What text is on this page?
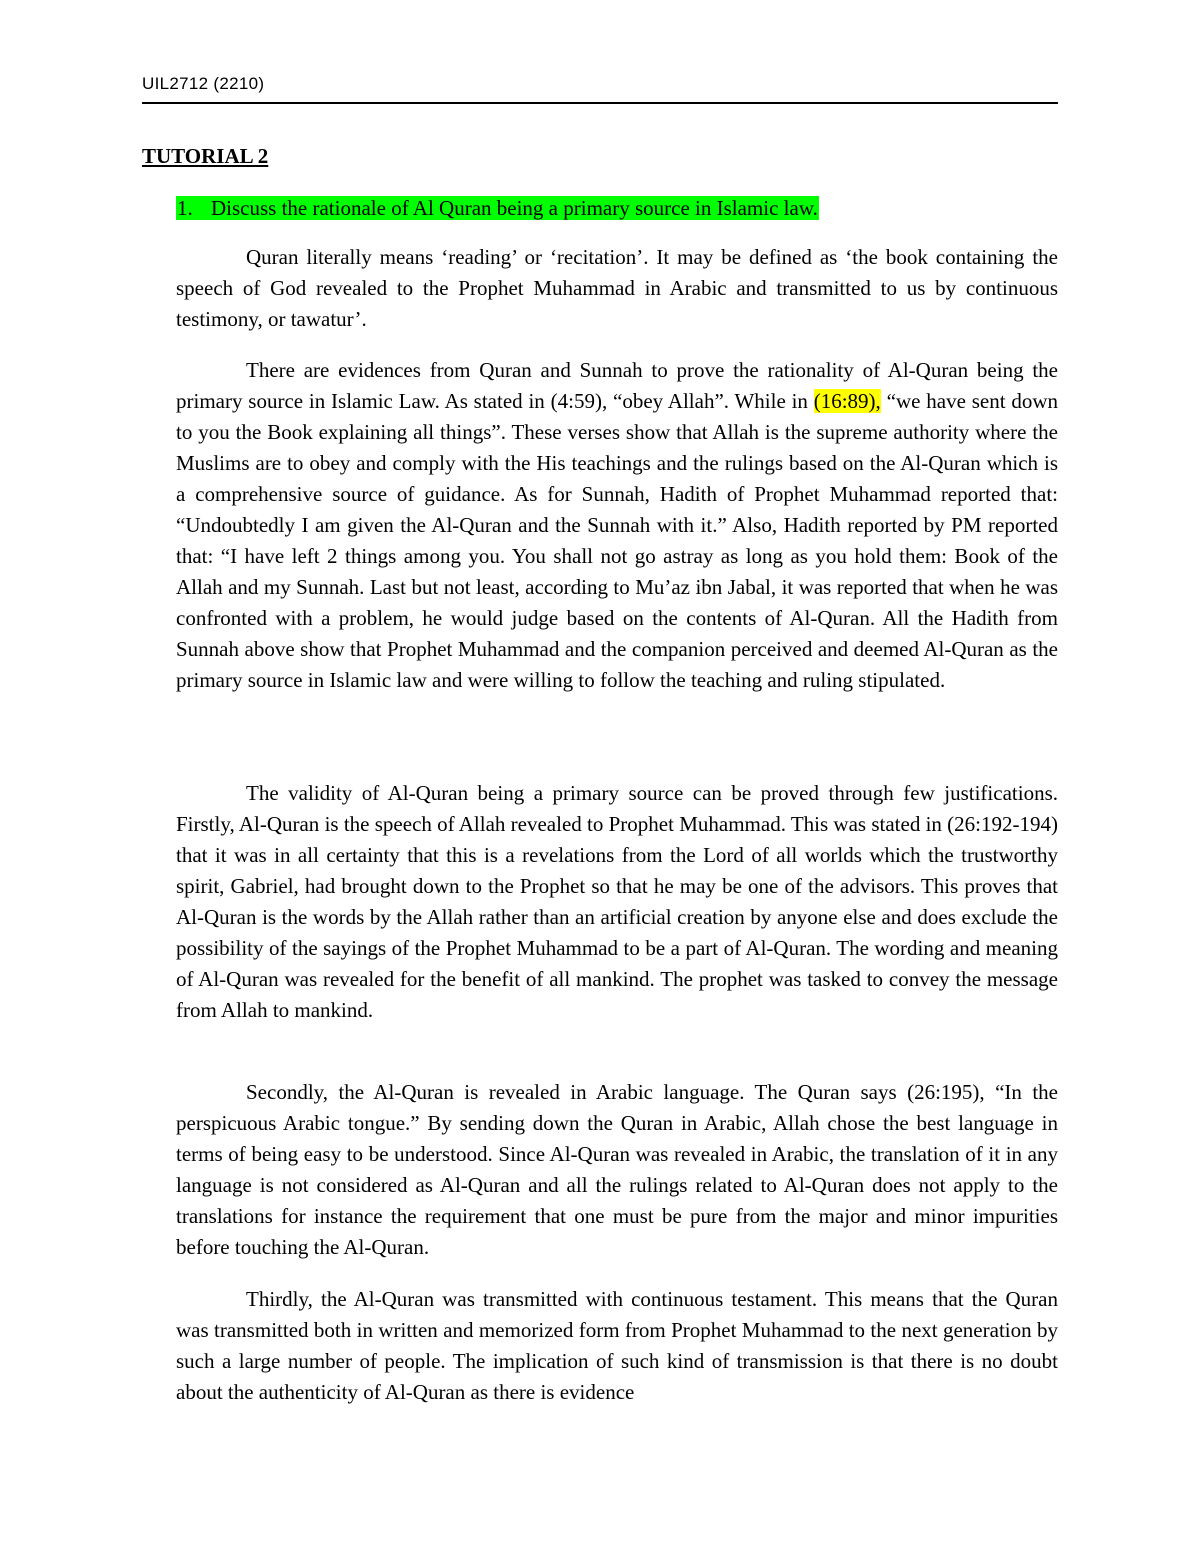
UIL2712 (2210)
TUTORIAL 2
1. Discuss the rationale of Al Quran being a primary source in Islamic law.

Quran literally means ‘reading’ or ‘recitation’. It may be defined as ‘the book containing the speech of God revealed to the Prophet Muhammad in Arabic and transmitted to us by continuous testimony, or tawatur’.

There are evidences from Quran and Sunnah to prove the rationality of Al-Quran being the primary source in Islamic Law. As stated in (4:59), “obey Allah”. While in (16:89), “we have sent down to you the Book explaining all things”. These verses show that Allah is the supreme authority where the Muslims are to obey and comply with the His teachings and the rulings based on the Al-Quran which is a comprehensive source of guidance. As for Sunnah, Hadith of Prophet Muhammad reported that: “Undoubtedly I am given the Al-Quran and the Sunnah with it.” Also, Hadith reported by PM reported that: “I have left 2 things among you. You shall not go astray as long as you hold them: Book of the Allah and my Sunnah. Last but not least, according to Mu’az ibn Jabal, it was reported that when he was confronted with a problem, he would judge based on the contents of Al-Quran. All the Hadith from Sunnah above show that Prophet Muhammad and the companion perceived and deemed Al-Quran as the primary source in Islamic law and were willing to follow the teaching and ruling stipulated.

The validity of Al-Quran being a primary source can be proved through few justifications. Firstly, Al-Quran is the speech of Allah revealed to Prophet Muhammad. This was stated in (26:192-194) that it was in all certainty that this is a revelations from the Lord of all worlds which the trustworthy spirit, Gabriel, had brought down to the Prophet so that he may be one of the advisors. This proves that Al-Quran is the words by the Allah rather than an artificial creation by anyone else and does exclude the possibility of the sayings of the Prophet Muhammad to be a part of Al-Quran. The wording and meaning of Al-Quran was revealed for the benefit of all mankind. The prophet was tasked to convey the message from Allah to mankind.

Secondly, the Al-Quran is revealed in Arabic language. The Quran says (26:195), “In the perspicuous Arabic tongue.” By sending down the Quran in Arabic, Allah chose the best language in terms of being easy to be understood. Since Al-Quran was revealed in Arabic, the translation of it in any language is not considered as Al-Quran and all the rulings related to Al-Quran does not apply to the translations for instance the requirement that one must be pure from the major and minor impurities before touching the Al-Quran.

Thirdly, the Al-Quran was transmitted with continuous testament. This means that the Quran was transmitted both in written and memorized form from Prophet Muhammad to the next generation by such a large number of people. The implication of such kind of transmission is that there is no doubt about the authenticity of Al-Quran as there is evidence
